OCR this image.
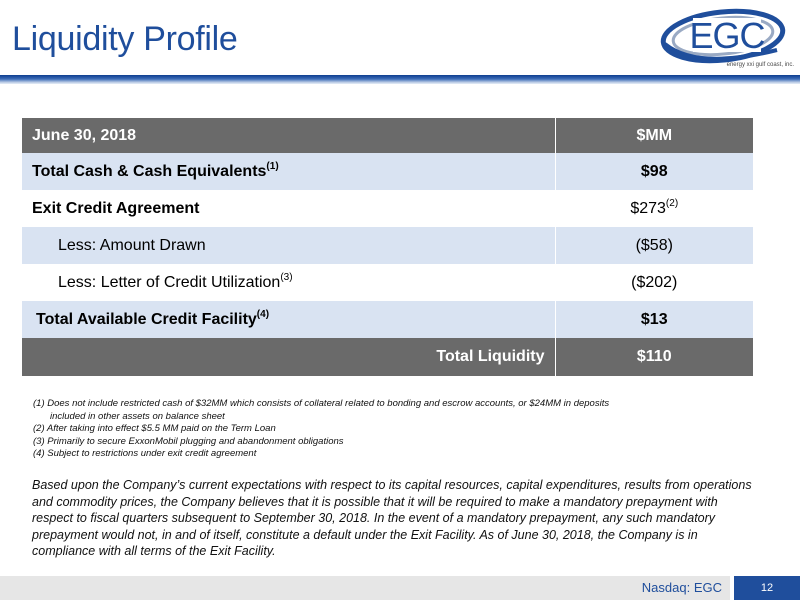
Liquidity Profile	EGC
energy xxi gulf coast, inc.
June 30, 2018	$MM
Total Cash & Cash Equivalents$^{(1)}$	$98
Exit Credit Agreement	$273$^{(2)}$
Less: Amount Drawn	($58)
Less: Letter of Credit Utilization$^{(3)}$	($202)
Total Available Credit Facility$^{(4)}$	$13
Total Liquidity	$110
(1) Does not include restricted cash of $32MM which consists of collateral related to bonding and escrow accounts, or $24MM in deposits
included in other assets on balance sheet
(2) After taking into effect $5.5 MM paid on the Term Loan
(3) Primarily to secure ExxonMobil plugging and abandonment obligations
(4) Subject to restrictions under exit credit agreement
Based upon the Company’s current expectations with respect to its capital resources, capital expenditures, results from operations and commodity prices, the Company believes that it is possible that it will be required to make a mandatory prepayment with respect to fiscal quarters subsequent to September 30, 2018. In the event of a mandatory prepayment, any such mandatory prepayment would not, in and of itself, constitute a default under the Exit Facility. As of June 30, 2018, the Company is in compliance with all terms of the Exit Facility.
Nasdaq: EGC	12
